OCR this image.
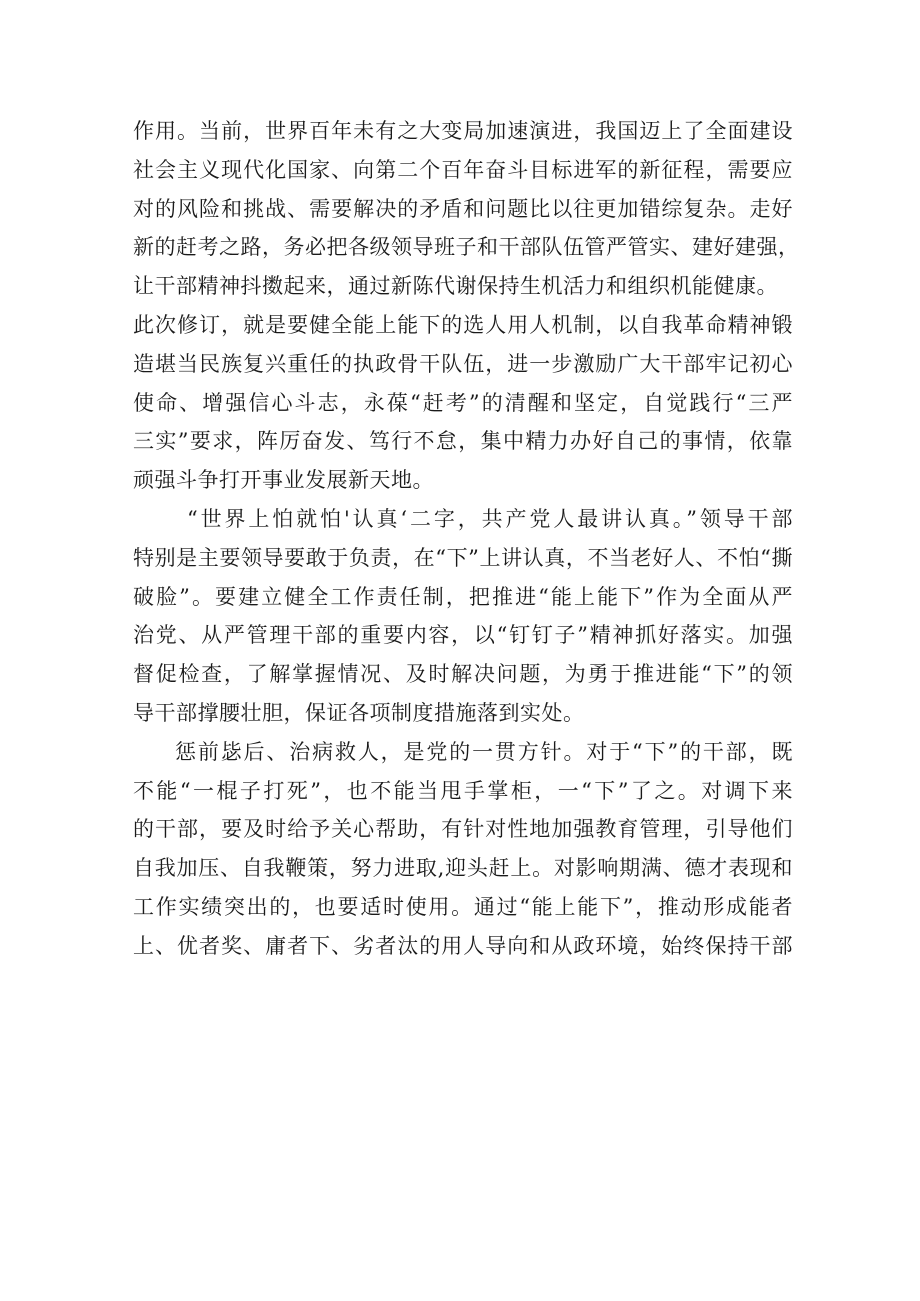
作用。当前，世界百年未有之大变局加速演进，我国迈上了全面建设
社会主义现代化国家、向第二个百年奋斗目标进军的新征程，需要应
对的风险和挑战、需要解决的矛盾和问题比以往更加错综复杂。走好
新的赶考之路，务必把各级领导班子和干部队伍管严管实、建好建强，
让干部精神抖擞起来，通过新陈代谢保持生机活力和组织机能健康。
此次修订，就是要健全能上能下的选人用人机制，以自我革命精神锻
造堪当民族复兴重任的执政骨干队伍，进一步激励广大干部牢记初心
使命、增强信心斗志，永葆“赶考”的清醒和坚定，自觉践行“三严
三实”要求，阵厉奋发、笃行不怠，集中精力办好自己的事情，依靠
顽强斗争打开事业发展新天地。
“世界上怕就怕'认真‘二字，共产党人最讲认真。”领导干部
特别是主要领导要敢于负责，在“下”上讲认真，不当老好人、不怕“撕
破脸”。要建立健全工作责任制，把推进“能上能下”作为全面从严
治党、从严管理干部的重要内容，以“钉钉子”精神抓好落实。加强
督促检查，了解掌握情况、及时解决问题，为勇于推进能“下”的领
导干部撑腰壮胆，保证各项制度措施落到实处。
惩前毖后、治病救人，是党的一贯方针。对于“下”的干部，既
不能“一棍子打死”，也不能当甩手掌柜，一“下”了之。对调下来
的干部，要及时给予关心帮助，有针对性地加强教育管理，引导他们
自我加压、自我鞭策，努力进取,迎头赶上。对影响期满、德才表现和
工作实绩突出的，也要适时使用。通过“能上能下”，推动形成能者
上、优者奖、庸者下、劣者汰的用人导向和从政环境，始终保持干部
